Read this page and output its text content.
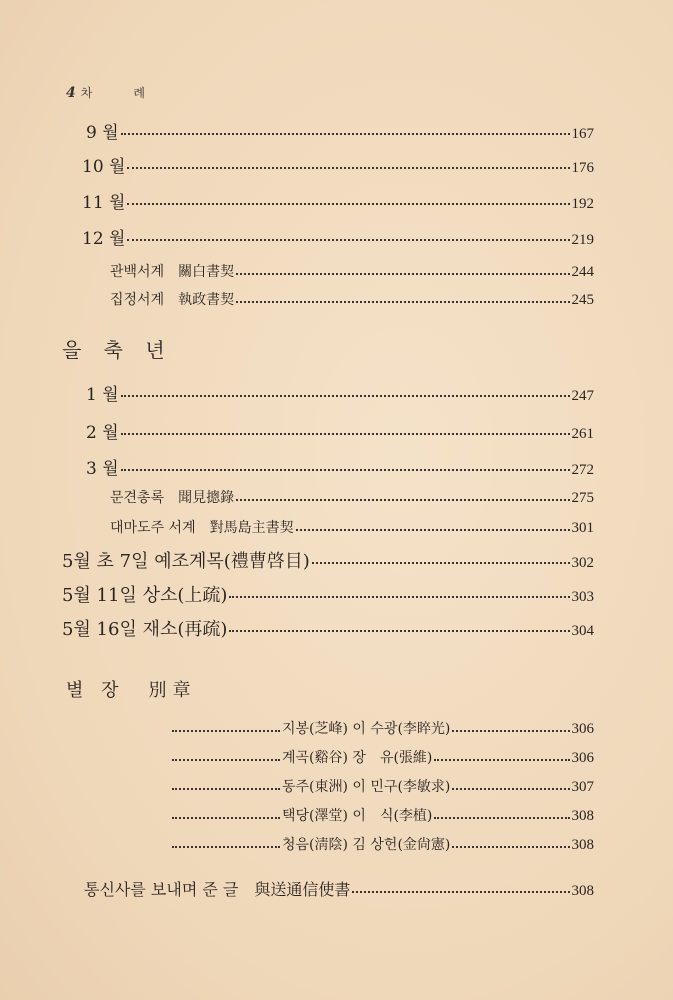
4 차	례
9 월	167
10 월	176
11 월	192
12 월	219
관백서계　關白書契	244
집정서계　執政書契	245
을 축 년
1 월	247
2 월	261
3 월	272
문견총록　聞見摠錄	275
대마도주 서계　對馬島主書契	301
5월 초 7일 예조계목(禮曹啓目)	302
5월 11일 상소(上疏)	303
5월 16일 재소(再疏)	304
별 장　別章
지봉(芝峰) 이 수광(李睟光)	306
계곡(谿谷) 장　유(張維)	306
동주(東洲) 이 민구(李敏求)	307
택당(澤堂) 이　식(李植)	308
청음(淸陰) 김 상헌(金尙憲)	308
통신사를 보내며 준 글　與送通信使書	308
